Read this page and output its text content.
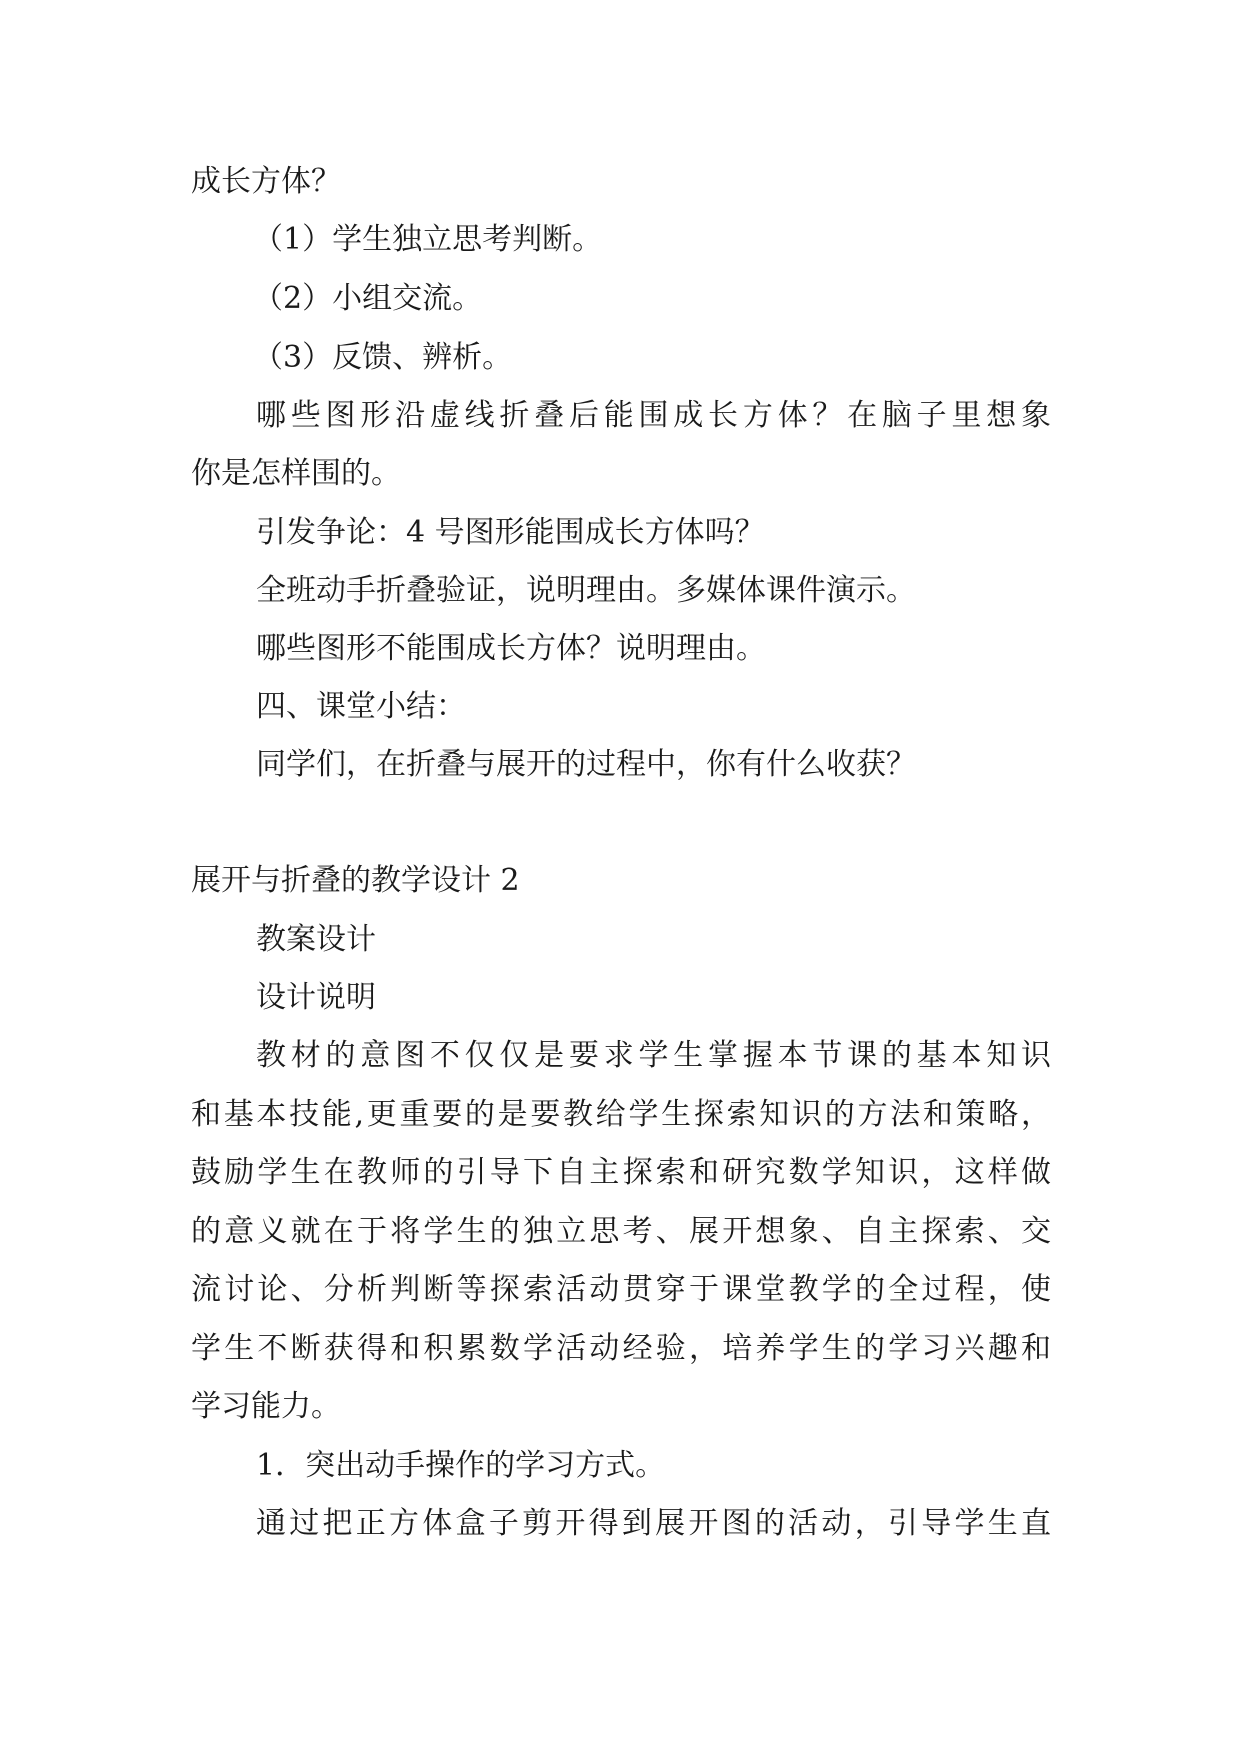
成长方体？
（1）学生独立思考判断。
（2）小组交流。
（3）反馈、辨析。
哪些图形沿虚线折叠后能围成长方体？在脑子里想象
你是怎样围的。
引发争论：4 号图形能围成长方体吗？
全班动手折叠验证，说明理由。多媒体课件演示。
哪些图形不能围成长方体？说明理由。
四、课堂小结：
同学们，在折叠与展开的过程中，你有什么收获？
展开与折叠的教学设计 2
教案设计
设计说明
教材的意图不仅仅是要求学生掌握本节课的基本知识
和基本技能,更重要的是要教给学生探索知识的方法和策略，
鼓励学生在教师的引导下自主探索和研究数学知识，这样做
的意义就在于将学生的独立思考、展开想象、自主探索、交
流讨论、分析判断等探索活动贯穿于课堂教学的全过程，使
学生不断获得和积累数学活动经验，培养学生的学习兴趣和
学习能力。
1．突出动手操作的学习方式。
通过把正方体盒子剪开得到展开图的活动，引导学生直
